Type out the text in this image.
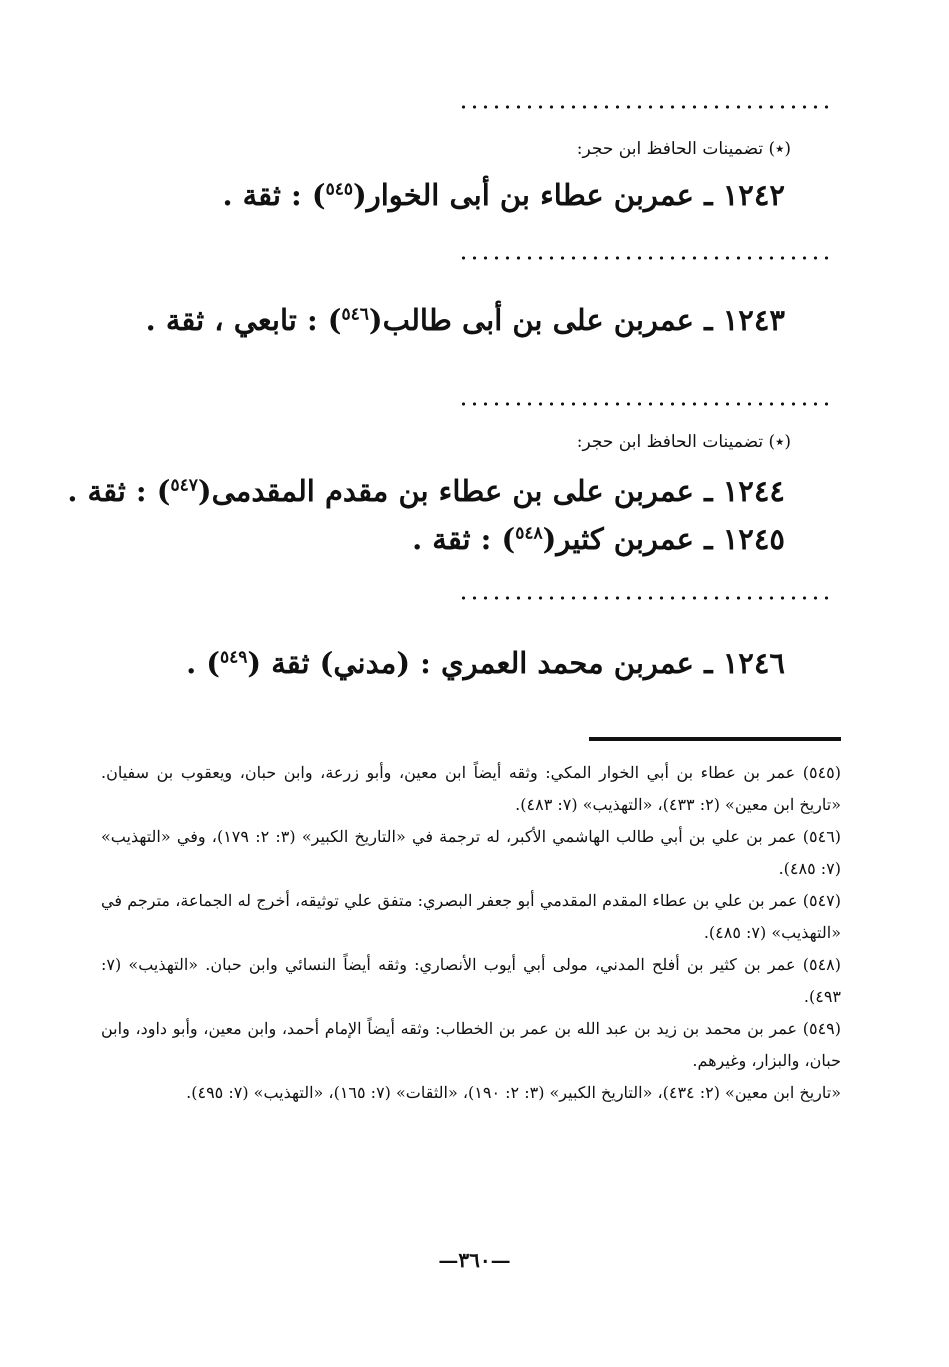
(٭) تضمينات الحافظ ابن حجر:
١٢٤٢ ـ عمربن عطاء بن أبى الخوار($^{٥٤٥}$) : ثقة .
١٢٤٣ ـ عمربن على بن أبى طالب($^{٥٤٦}$) : تابعي ، ثقة .
(٭) تضمينات الحافظ ابن حجر:
١٢٤٤ ـ عمربن على بن عطاء بن مقدم المقدمى($^{٥٤٧}$) : ثقة .
١٢٤٥ ـ عمربن كثير($^{٥٤٨}$) : ثقة .
١٢٤٦ ـ عمربن محمد العمري : (مدني) ثقة ($^{٥٤٩}$) .

(٥٤٥) عمر بن عطاء بن أبي الخوار المكي: وثقه أيضاً ابن معين، وأبو زرعة، وابن حبان، ويعقوب بن سفيان. «تاريخ ابن معين» (٢: ٤٣٣)، «التهذيب» (٧: ٤٨٣).

(٥٤٦) عمر بن علي بن أبي طالب الهاشمي الأكبر، له ترجمة في «التاريخ الكبير» (٣: ٢: ١٧٩)، وفي «التهذيب» (٧: ٤٨٥).

(٥٤٧) عمر بن علي بن عطاء المقدم المقدمي أبو جعفر البصري: متفق علي توثيقه، أخرج له الجماعة، مترجم في «التهذيب» (٧: ٤٨٥).

(٥٤٨) عمر بن كثير بن أفلح المدني، مولى أبي أيوب الأنصاري: وثقه أيضاً النسائي وابن حبان. «التهذيب» (٧: ٤٩٣).

(٥٤٩) عمر بن محمد بن زيد بن عبد الله بن عمر بن الخطاب: وثقه أيضاً الإمام أحمد، وابن معين، وأبو داود، وابن حبان، والبزار، وغيرهم.

«تاريخ ابن معين» (٢: ٤٣٤)، «التاريخ الكبير» (٣: ٢: ١٩٠)، «الثقات» (٧: ١٦٥)، «التهذيب» (٧: ٤٩٥).

—٣٦٠—
